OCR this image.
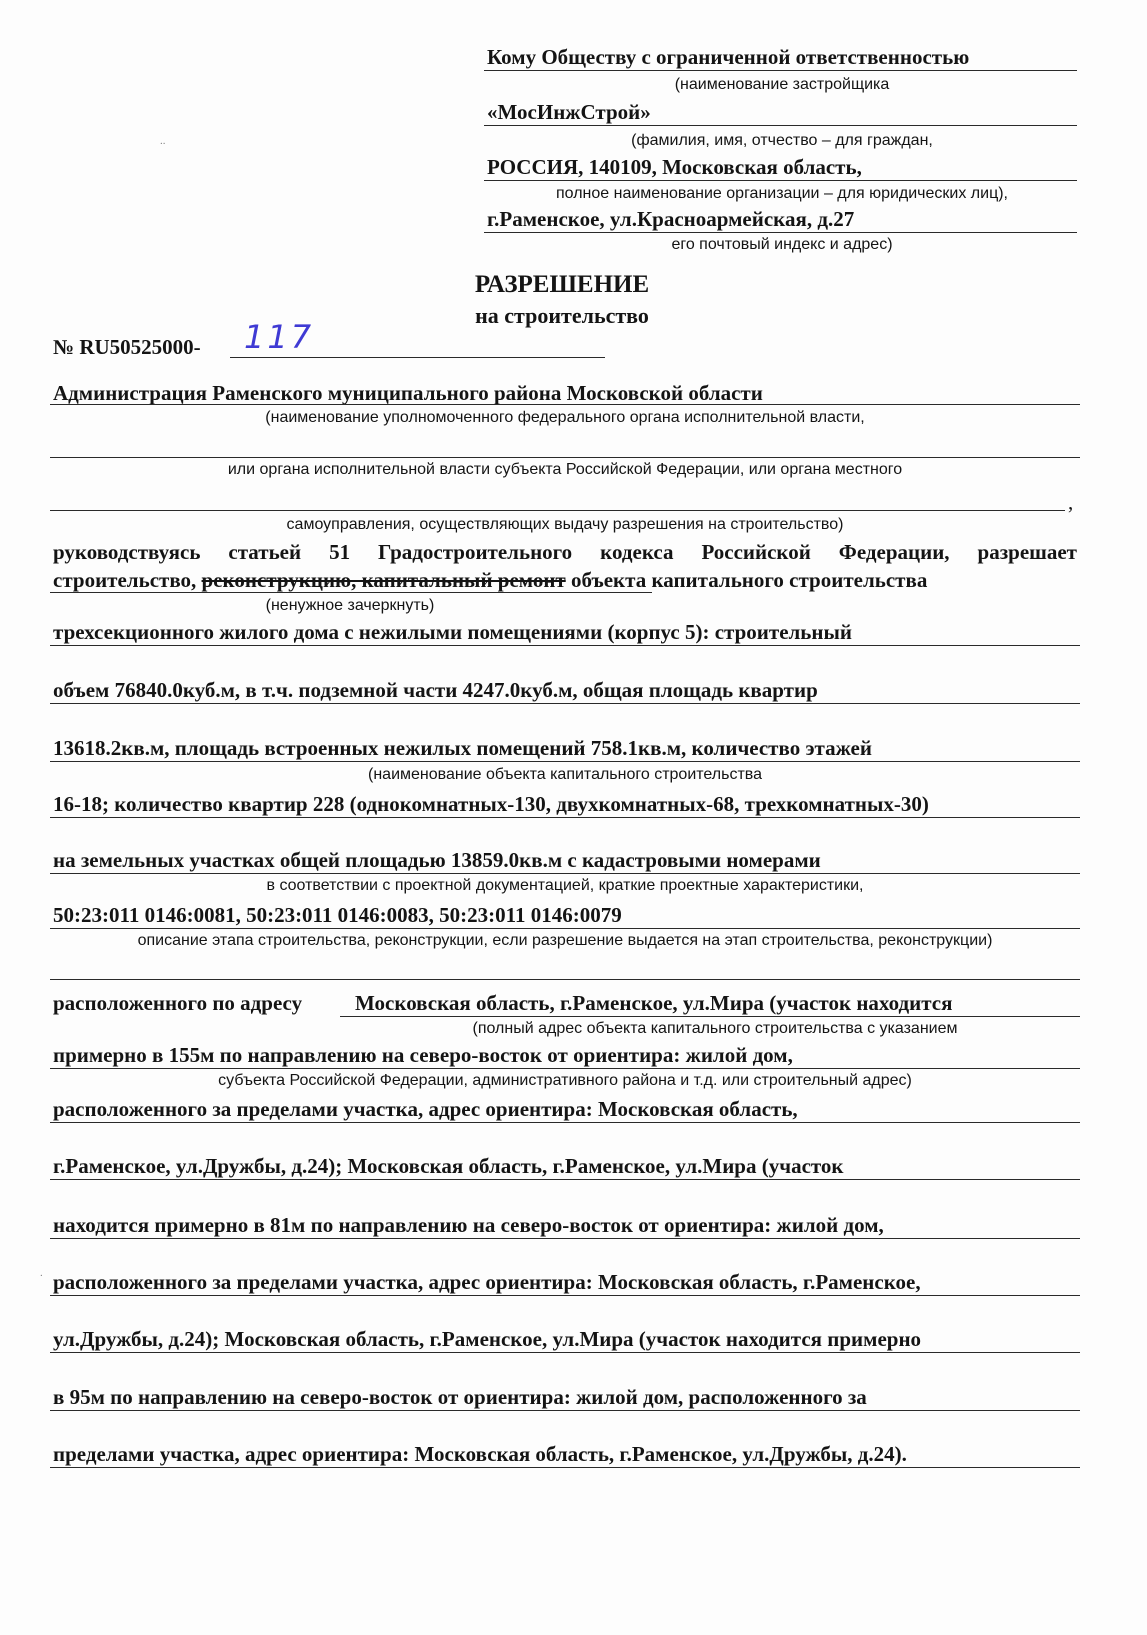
Кому Обществу с ограниченной ответственностью
(наименование застройщика
«МосИнжСтрой»
(фамилия, имя, отчество – для граждан,
РОССИЯ, 140109, Московская область,
полное наименование организации – для юридических лиц),
г.Раменское, ул.Красноармейская, д.27
его почтовый индекс и адрес)
РАЗРЕШЕНИЕ
на строительство
№ RU50525000- 117
Администрация Раменского муниципального района Московской области
(наименование уполномоченного федерального органа исполнительной власти,
или органа исполнительной власти субъекта Российской Федерации, или органа местного
,
самоуправления, осуществляющих выдачу разрешения на строительство)
руководствуясь статьей 51 Градостроительного кодекса Российской Федерации, разрешает
строительство, реконструкцию, капитальный ремонт объекта капитального строительства
(ненужное зачеркнуть)
трехсекционного жилого дома с нежилыми помещениями (корпус 5): строительный
объем 76840.0куб.м, в т.ч. подземной части 4247.0куб.м, общая площадь квартир
13618.2кв.м, площадь встроенных нежилых помещений 758.1кв.м, количество этажей
(наименование объекта капитального строительства
16-18; количество квартир 228 (однокомнатных-130, двухкомнатных-68, трехкомнатных-30)
на земельных участках общей площадью 13859.0кв.м с кадастровыми номерами
в соответствии с проектной документацией, краткие проектные характеристики,
50:23:011 0146:0081, 50:23:011 0146:0083, 50:23:011 0146:0079
описание этапа строительства, реконструкции, если разрешение выдается на этап строительства, реконструкции)
расположенного по адресу	Московская область, г.Раменское, ул.Мира (участок находится
(полный адрес объекта капитального строительства с указанием
примерно в 155м по направлению на северо-восток от ориентира: жилой дом,
субъекта Российской Федерации, административного района и т.д. или строительный адрес)
расположенного за пределами участка, адрес ориентира: Московская область,
г.Раменское, ул.Дружбы, д.24); Московская область, г.Раменское, ул.Мира (участок
находится примерно в 81м по направлению на северо-восток от ориентира: жилой дом,
расположенного за пределами участка, адрес ориентира: Московская область, г.Раменское,
ул.Дружбы, д.24); Московская область, г.Раменское, ул.Мира (участок находится примерно
в 95м по направлению на северо-восток от ориентира: жилой дом, расположенного за
пределами участка, адрес ориентира: Московская область, г.Раменское, ул.Дружбы, д.24).
∙∙
∙
